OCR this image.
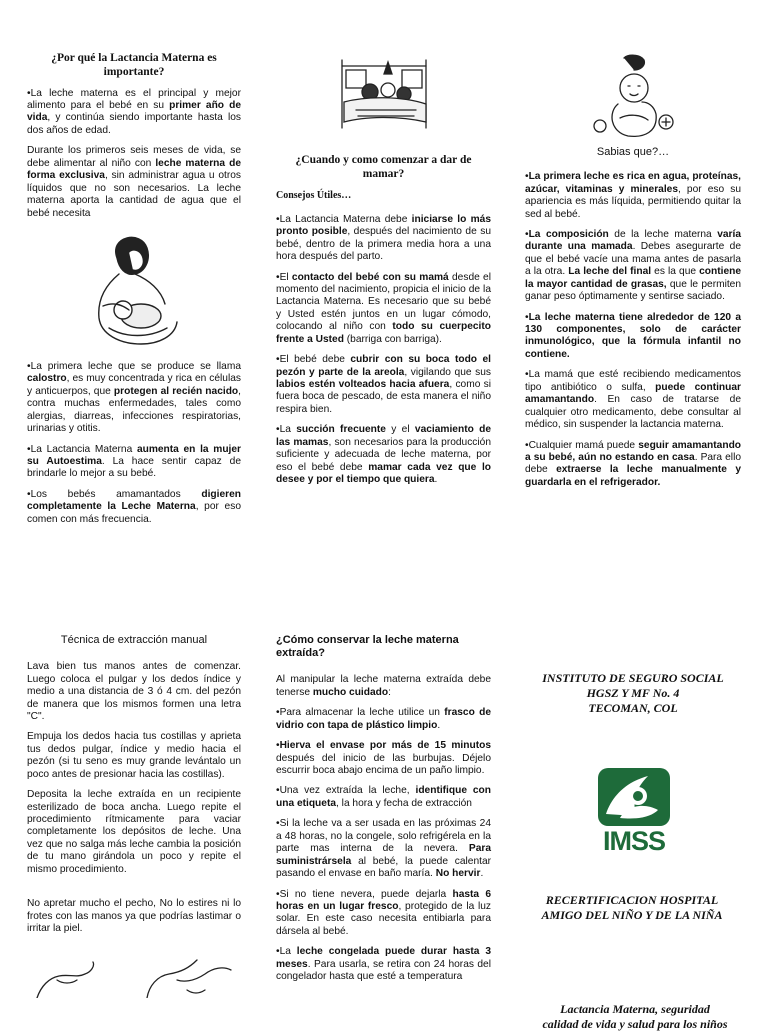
¿Por qué la Lactancia Materna es importante?

•La leche materna es el principal y mejor alimento para el bebé en su primer año de vida, y continúa siendo importante hasta los dos años de edad.

Durante los primeros seis meses de vida, se debe alimentar al niño con leche materna de forma exclusiva, sin administrar agua u otros líquidos que no son necesarios. La leche materna aporta la cantidad de agua que el bebé necesita

•La primera leche que se produce se llama calostro, es muy concentrada y rica en células y anticuerpos, que protegen al recién nacido, contra muchas enfermedades, tales como alergias, diarreas, infecciones respiratorias, urinarias y otitis.

•La Lactancia Materna aumenta en la mujer su Autoestima. La hace sentir capaz de brindarle lo mejor a su bebé.

•Los bebés amamantados digieren completamente la Leche Materna, por eso comen con más frecuencia.

¿Cuando y como comenzar a dar de mamar?
Consejos Útiles…

•La Lactancia Materna debe iniciarse lo más pronto posible, después del nacimiento de su bebé, dentro de la primera media hora a una hora después del parto.

•El contacto del bebé con su mamá desde el momento del nacimiento, propicia el inicio de la Lactancia Materna. Es necesario que su bebé y Usted estén juntos en un lugar cómodo, colocando al niño con todo su cuerpecito frente a Usted (barriga con barriga).

•El bebé debe cubrir con su boca todo el pezón y parte de la areola, vigilando que sus labios estén volteados hacia afuera, como si fuera boca de pescado, de esta manera el niño respira bien.

•La succión frecuente y el vaciamiento de las mamas, son necesarios para la producción suficiente y adecuada de leche materna, por eso el bebé debe mamar cada vez que lo desee y por el tiempo que quiera.

Sabias que?…

•La primera leche es rica en agua, proteínas, azúcar, vitaminas y minerales, por eso su apariencia es más líquida, permitiendo quitar la sed al bebé.

•La composición de la leche materna varía durante una mamada. Debes asegurarte de que el bebé vacíe una mama antes de pasarla a la otra. La leche del final es la que contiene la mayor cantidad de grasas, que le permiten ganar peso óptimamente y sentirse saciado.

•La leche materna tiene alrededor de 120 a 130 componentes, solo de carácter inmunológico, que la fórmula infantil no contiene.

•La mamá que esté recibiendo medicamentos tipo antibiótico o sulfa, puede continuar amamantando. En caso de tratarse de cualquier otro medicamento, debe consultar al médico, sin suspender la lactancia materna.

•Cualquier mamá puede seguir amamantando a su bebé, aún no estando en casa. Para ello debe extraerse la leche manualmente y guardarla en el refrigerador.

Técnica de extracción manual

Lava bien tus manos antes de comenzar. Luego coloca el pulgar y los dedos índice y medio a una distancia de 3 ó 4 cm. del pezón de manera que los mismos formen una letra "C".

Empuja los dedos hacia tus costillas y aprieta tus dedos pulgar, índice y medio hacia el pezón (si tu seno es muy grande levántalo un poco antes de presionar hacia las costillas).

Deposita la leche extraída en un recipiente esterilizado de boca ancha. Luego repite el procedimiento rítmicamente para vaciar completamente los depósitos de leche. Una vez que no salga más leche cambia la posición de tu mano girándola un poco y repite el mismo procedimiento.

No apretar mucho el pecho, No lo estires ni lo frotes con las manos ya que podrías lastimar o irritar la piel.

¿Cómo conservar la leche materna extraída?

Al manipular la leche materna extraída debe tenerse mucho cuidado:

•Para almacenar la leche utilice un frasco de vidrio con tapa de plástico limpio.

•Hierva el envase por más de 15 minutos después del inicio de las burbujas. Déjelo escurrir boca abajo encima de un paño limpio.

•Una vez extraída la leche, identifique con una etiqueta, la hora y fecha de extracción

•Si la leche va a ser usada en las próximas 24 a 48 horas, no la congele, solo refrigérela en la parte mas interna de la nevera. Para suministrársela al bebé, la puede calentar pasando el envase en baño maría. No hervir.

•Si no tiene nevera, puede dejarla hasta 6 horas en un lugar fresco, protegido de la luz solar. En este caso necesita entibiarla para dársela al bebé.

•La leche congelada puede durar hasta 3 meses. Para usarla, se retira con 24 horas del congelador hasta que esté a temperatura

INSTITUTO DE SEGURO SOCIAL
HGSZ Y MF No. 4
TECOMAN, COL
IMSS
RECERTIFICACION HOSPITAL
AMIGO DEL NIÑO Y DE LA NIÑA
Lactancia Materna, seguridad
calidad de vida y salud para los niños
